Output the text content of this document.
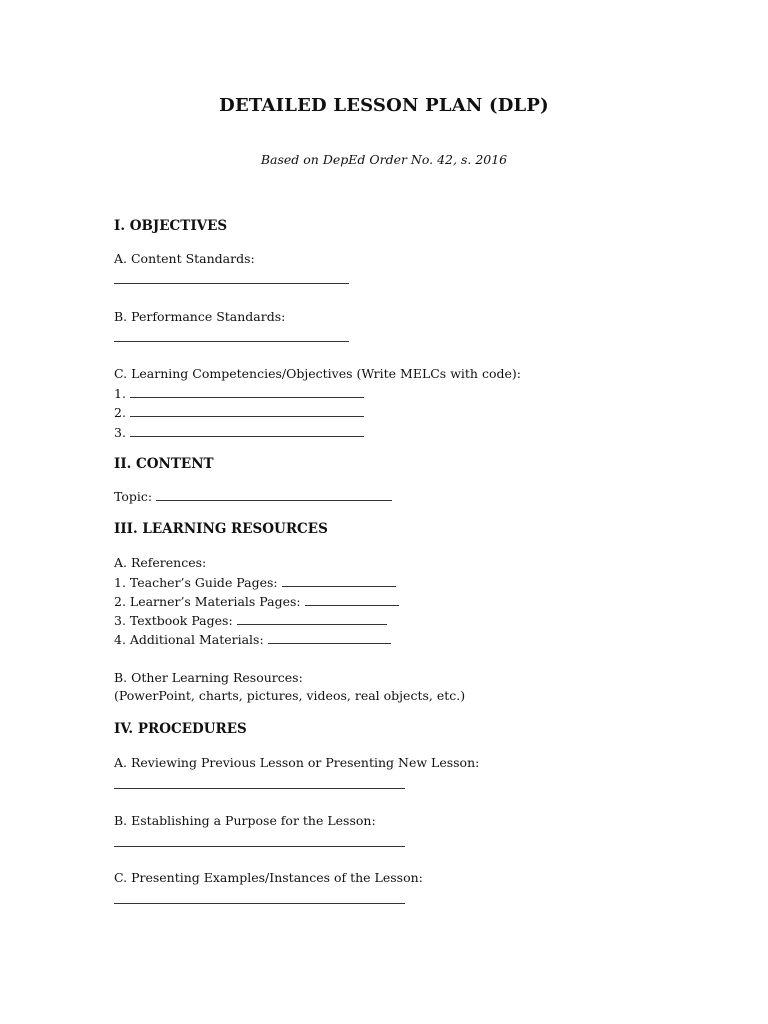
DETAILED LESSON PLAN (DLP)
Based on DepEd Order No. 42, s. 2016
I. OBJECTIVES
A. Content Standards:
B. Performance Standards:
C. Learning Competencies/Objectives (Write MELCs with code):
1.
2.
3.
II. CONTENT
Topic:
III. LEARNING RESOURCES
A. References:
1. Teacher’s Guide Pages:
2. Learner’s Materials Pages:
3. Textbook Pages:
4. Additional Materials:
B. Other Learning Resources:
(PowerPoint, charts, pictures, videos, real objects, etc.)
IV. PROCEDURES
A. Reviewing Previous Lesson or Presenting New Lesson:
B. Establishing a Purpose for the Lesson:
C. Presenting Examples/Instances of the Lesson:
